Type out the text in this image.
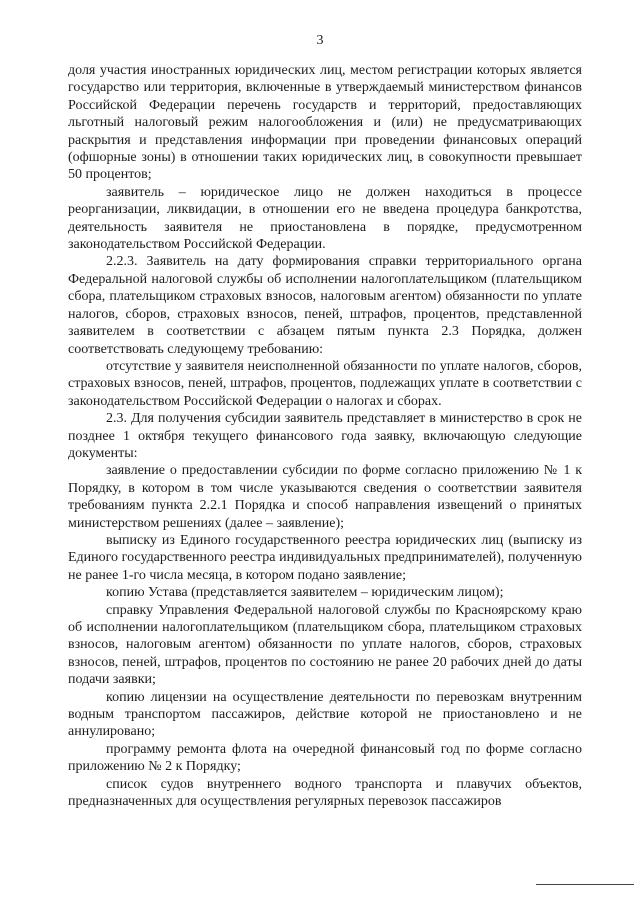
3

доля участия иностранных юридических лиц, местом регистрации которых является государство или территория, включенные в утверждаемый министерством финансов Российской Федерации перечень государств и территорий, предоставляющих льготный налоговый режим налогообложения и (или) не предусматривающих раскрытия и представления информации при проведении финансовых операций (офшорные зоны) в отношении таких юридических лиц, в совокупности превышает 50 процентов;

заявитель – юридическое лицо не должен находиться в процессе реорганизации, ликвидации, в отношении его не введена процедура банкротства, деятельность заявителя не приостановлена в порядке, предусмотренном законодательством Российской Федерации.

2.2.3. Заявитель на дату формирования справки территориального органа Федеральной налоговой службы об исполнении налогоплательщиком (плательщиком сбора, плательщиком страховых взносов, налоговым агентом) обязанности по уплате налогов, сборов, страховых взносов, пеней, штрафов, процентов, представленной заявителем в соответствии с абзацем пятым пункта 2.3 Порядка, должен соответствовать следующему требованию:

отсутствие у заявителя неисполненной обязанности по уплате налогов, сборов, страховых взносов, пеней, штрафов, процентов, подлежащих уплате в соответствии с законодательством Российской Федерации о налогах и сборах.

2.3. Для получения субсидии заявитель представляет в министерство в срок не позднее 1 октября текущего финансового года заявку, включающую следующие документы:

заявление о предоставлении субсидии по форме согласно приложению № 1 к Порядку, в котором в том числе указываются сведения о соответствии заявителя требованиям пункта 2.2.1 Порядка и способ направления извещений о принятых министерством решениях (далее – заявление);

выписку из Единого государственного реестра юридических лиц (выписку из Единого государственного реестра индивидуальных предпринимателей), полученную не ранее 1-го числа месяца, в котором подано заявление;

копию Устава (представляется заявителем – юридическим лицом);

справку Управления Федеральной налоговой службы по Красноярскому краю об исполнении налогоплательщиком (плательщиком сбора, плательщиком страховых взносов, налоговым агентом) обязанности по уплате налогов, сборов, страховых взносов, пеней, штрафов, процентов по состоянию не ранее 20 рабочих дней до даты подачи заявки;

копию лицензии на осуществление деятельности по перевозкам внутренним водным транспортом пассажиров, действие которой не приостановлено и не аннулировано;

программу ремонта флота на очередной финансовый год по форме согласно приложению № 2 к Порядку;

список судов внутреннего водного транспорта и плавучих объектов, предназначенных для осуществления регулярных перевозок пассажиров
